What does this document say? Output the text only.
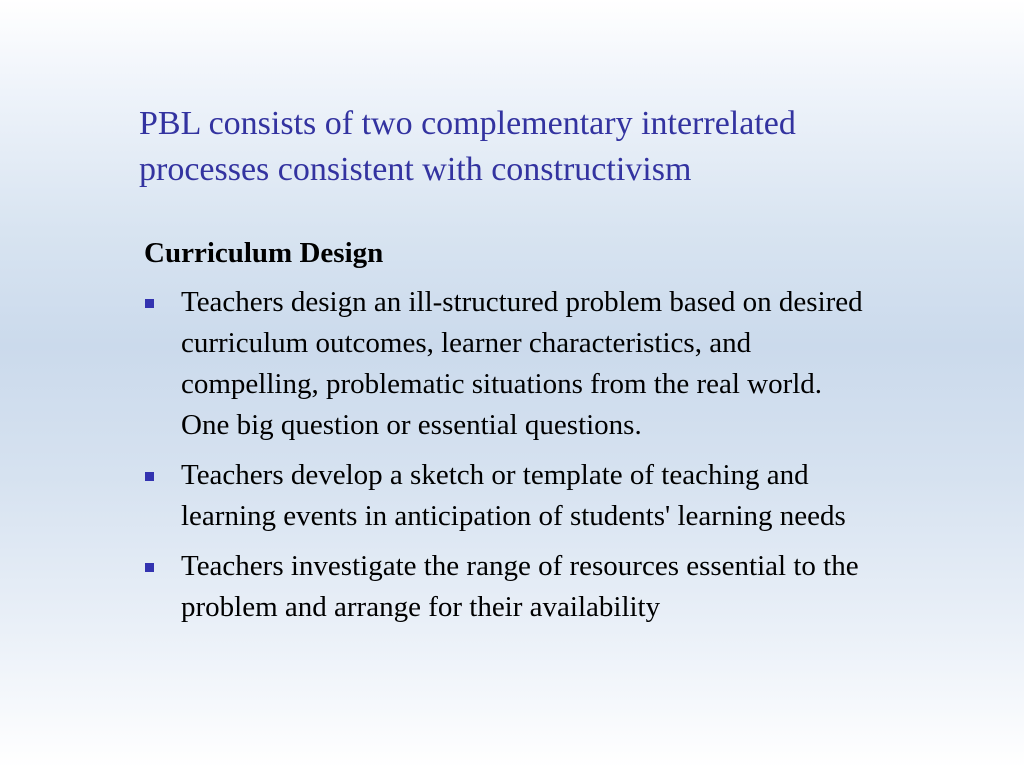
PBL consists of two complementary interrelated
processes consistent with constructivism
Curriculum Design
Teachers design an ill-structured problem based on desired
curriculum outcomes, learner characteristics, and
compelling, problematic situations from the real world.
One big question or essential questions.
Teachers develop a sketch or template of teaching and
learning events in anticipation of students' learning needs
Teachers investigate the range of resources essential to the
problem and arrange for their availability
